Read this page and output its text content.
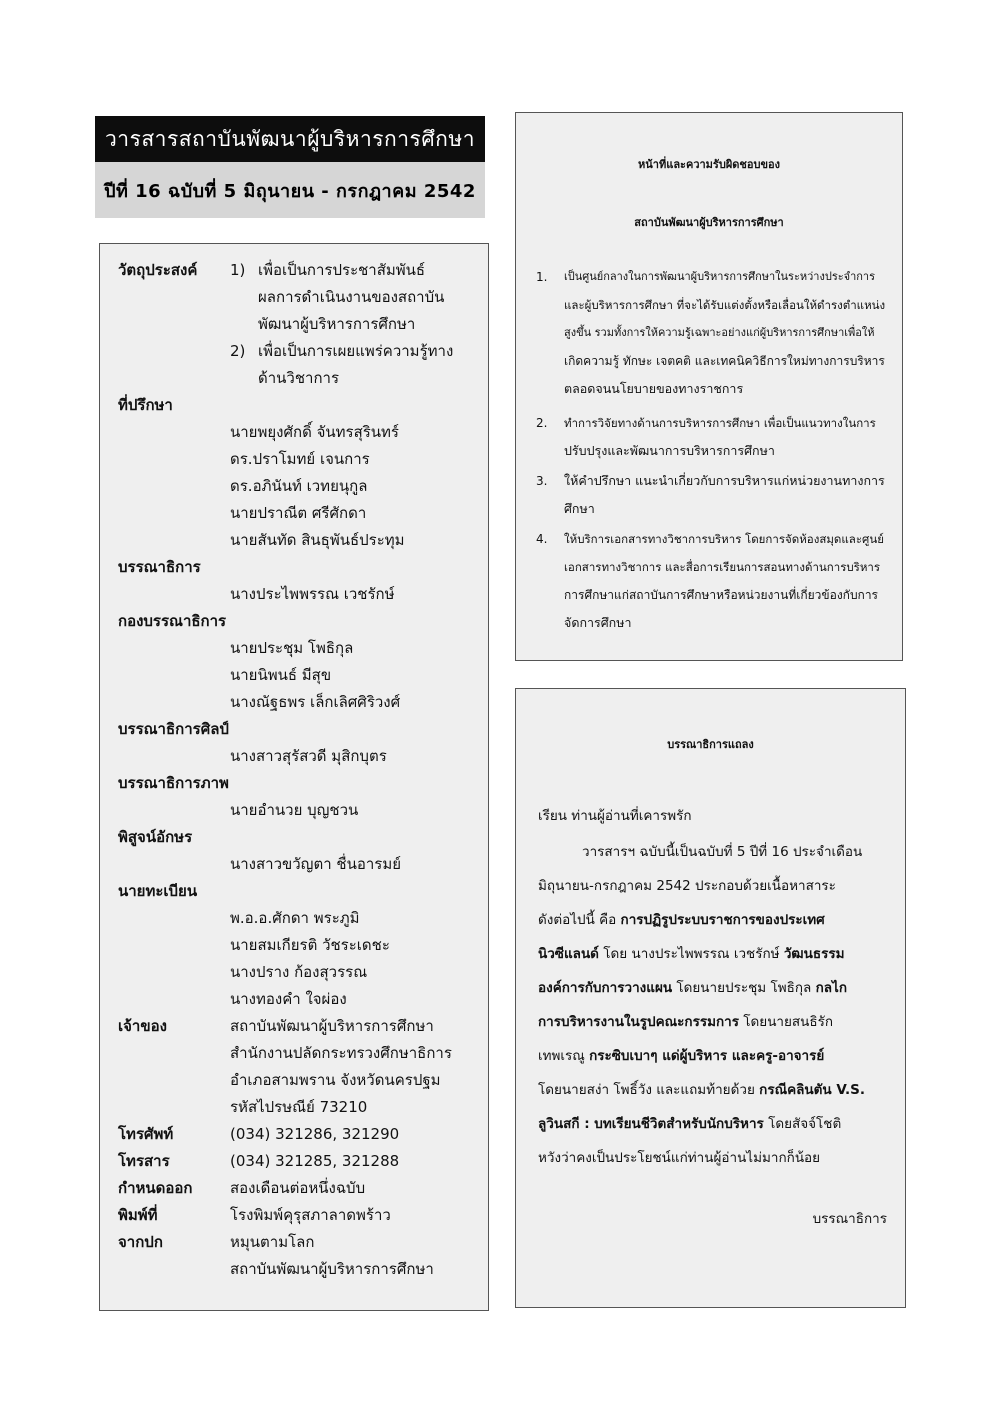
วารสารสถาบันพัฒนาผู้บริหารการศึกษา
ปีที่ 16 ฉบับที่ 5 มิถุนายน - กรกฎาคม 2542
วัตถุประสงค์ 1) เพื่อเป็นการประชาสัมพันธ์
ผลการดำเนินงานของสถาบัน
พัฒนาผู้บริหารการศึกษา
2) เพื่อเป็นการเผยแพร่ความรู้ทาง
ด้านวิชาการ
ที่ปรึกษา
นายพยุงศักดิ์ จันทรสุรินทร์
ดร.ปราโมทย์ เจนการ
ดร.อภินันท์ เวทยนุกูล
นายปราณีต ศรีศักดา
นายสันทัด สินธุพันธ์ประทุม
บรรณาธิการ
นางประไพพรรณ เวชรักษ์
กองบรรณาธิการ
นายประชุม โพธิกุล
นายนิพนธ์ มีสุข
นางณัฐธพร เล็กเลิศศิริวงศ์
บรรณาธิการศิลป์
นางสาวสุรัสวดี มุสิกบุตร
บรรณาธิการภาพ
นายอำนวย บุญชวน
พิสูจน์อักษร
นางสาวขวัญตา ชื่นอารมย์
นายทะเบียน
พ.อ.อ.ศักดา พระภูมิ
นายสมเกียรติ วัชระเดชะ
นางปราง ก้องสุวรรณ
นางทองคำ ใจผ่อง
เจ้าของ	สถาบันพัฒนาผู้บริหารการศึกษา
สำนักงานปลัดกระทรวงศึกษาธิการ
อำเภอสามพราน จังหวัดนครปฐม
รหัสไปรษณีย์ 73210
โทรศัพท์	(034) 321286, 321290
โทรสาร	(034) 321285, 321288
กำหนดออก	สองเดือนต่อหนึ่งฉบับ
พิมพ์ที่	โรงพิมพ์คุรุสภาลาดพร้าว
จากปก	หมุนตามโลก
สถาบันพัฒนาผู้บริหารการศึกษา
หน้าที่และความรับผิดชอบของ
สถาบันพัฒนาผู้บริหารการศึกษา
1. เป็นศูนย์กลางในการพัฒนาผู้บริหารการศึกษาในระหว่างประจำการ
และผู้บริหารการศึกษา ที่จะได้รับแต่งตั้งหรือเลื่อนให้ดำรงตำแหน่ง
สูงขึ้น รวมทั้งการให้ความรู้เฉพาะอย่างแก่ผู้บริหารการศึกษาเพื่อให้
เกิดความรู้ ทักษะ เจตคติ และเทคนิควิธีการใหม่ทางการบริหาร
ตลอดจนนโยบายของทางราชการ
2. ทำการวิจัยทางด้านการบริหารการศึกษา เพื่อเป็นแนวทางในการ
ปรับปรุงและพัฒนาการบริหารการศึกษา
3. ให้คำปรึกษา แนะนำเกี่ยวกับการบริหารแก่หน่วยงานทางการ
ศึกษา
4. ให้บริการเอกสารทางวิชาการบริหาร โดยการจัดห้องสมุดและศูนย์
เอกสารทางวิชาการ และสื่อการเรียนการสอนทางด้านการบริหาร
การศึกษาแก่สถาบันการศึกษาหรือหน่วยงานที่เกี่ยวข้องกับการ
จัดการศึกษา
บรรณาธิการแถลง
เรียน ท่านผู้อ่านที่เคารพรัก
วารสารฯ ฉบับนี้เป็นฉบับที่ 5 ปีที่ 16 ประจำเดือน
มิถุนายน-กรกฎาคม 2542 ประกอบด้วยเนื้อหาสาระ
ดังต่อไปนี้ คือ การปฏิรูประบบราชการของประเทศ
นิวซีแลนด์ โดย นางประไพพรรณ เวชรักษ์ วัฒนธรรม
องค์การกับการวางแผน โดยนายประชุม โพธิกุล กลไก
การบริหารงานในรูปคณะกรรมการ โดยนายสนธิรัก
เทพเรณู กระซิบเบาๆ แด่ผู้บริหาร และครู-อาจารย์
โดยนายสง่า โพธิ์วัง และแถมท้ายด้วย กรณีคลินตัน V.S.
ลูวินสกี : บทเรียนชีวิตสำหรับนักบริหาร โดยสัจจ์โชติ
หวังว่าคงเป็นประโยชน์แก่ท่านผู้อ่านไม่มากก็น้อย
บรรณาธิการ
